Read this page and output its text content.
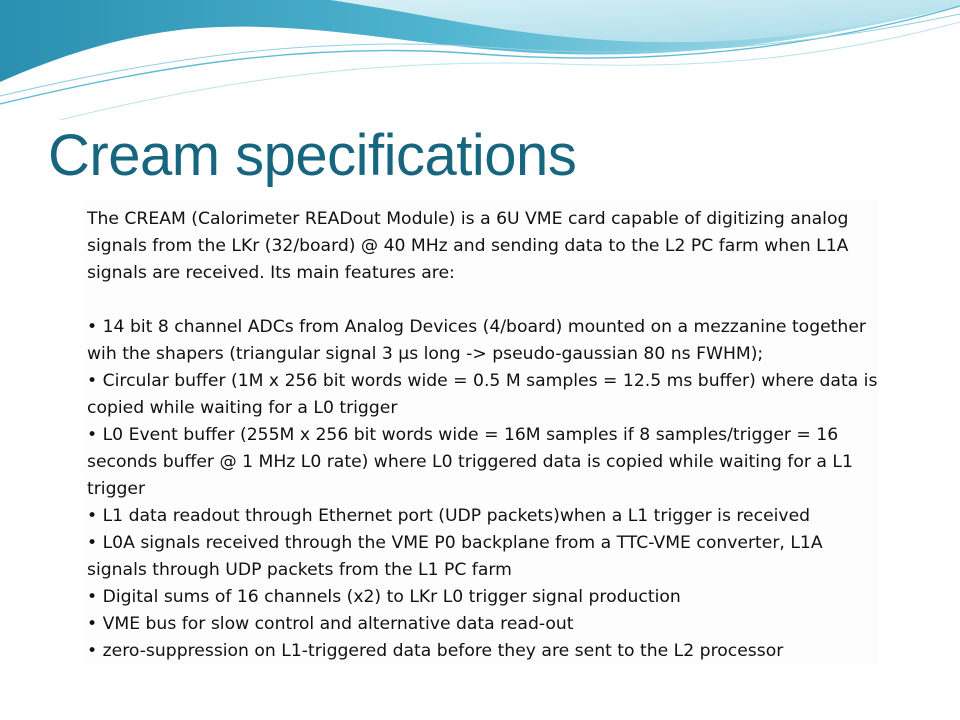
Cream specifications
The CREAM (Calorimeter READout Module) is a 6U VME card capable of digitizing analog signals from the LKr (32/board) @ 40 MHz and sending data to the L2 PC farm when L1A signals are received. Its main features are:
• 14 bit 8 channel ADCs from Analog Devices (4/board) mounted on a mezzanine together wih the shapers (triangular signal 3 μs long -> pseudo-gaussian 80 ns FWHM);
• Circular buffer (1M x 256 bit words wide = 0.5 M samples = 12.5 ms buffer) where data is copied while waiting for a L0 trigger
• L0 Event buffer (255M x 256 bit words wide = 16M samples if 8 samples/trigger = 16 seconds buffer @ 1 MHz L0 rate) where L0 triggered data is copied while waiting for a L1 trigger
• L1 data readout through Ethernet port (UDP packets)when a L1 trigger is received
• L0A signals received through the VME P0 backplane from a TTC-VME converter, L1A signals through UDP packets from the L1 PC farm
• Digital sums of 16 channels (x2) to LKr L0 trigger signal production
• VME bus for slow control and alternative data read-out
• zero-suppression on L1-triggered data before they are sent to the L2 processor
